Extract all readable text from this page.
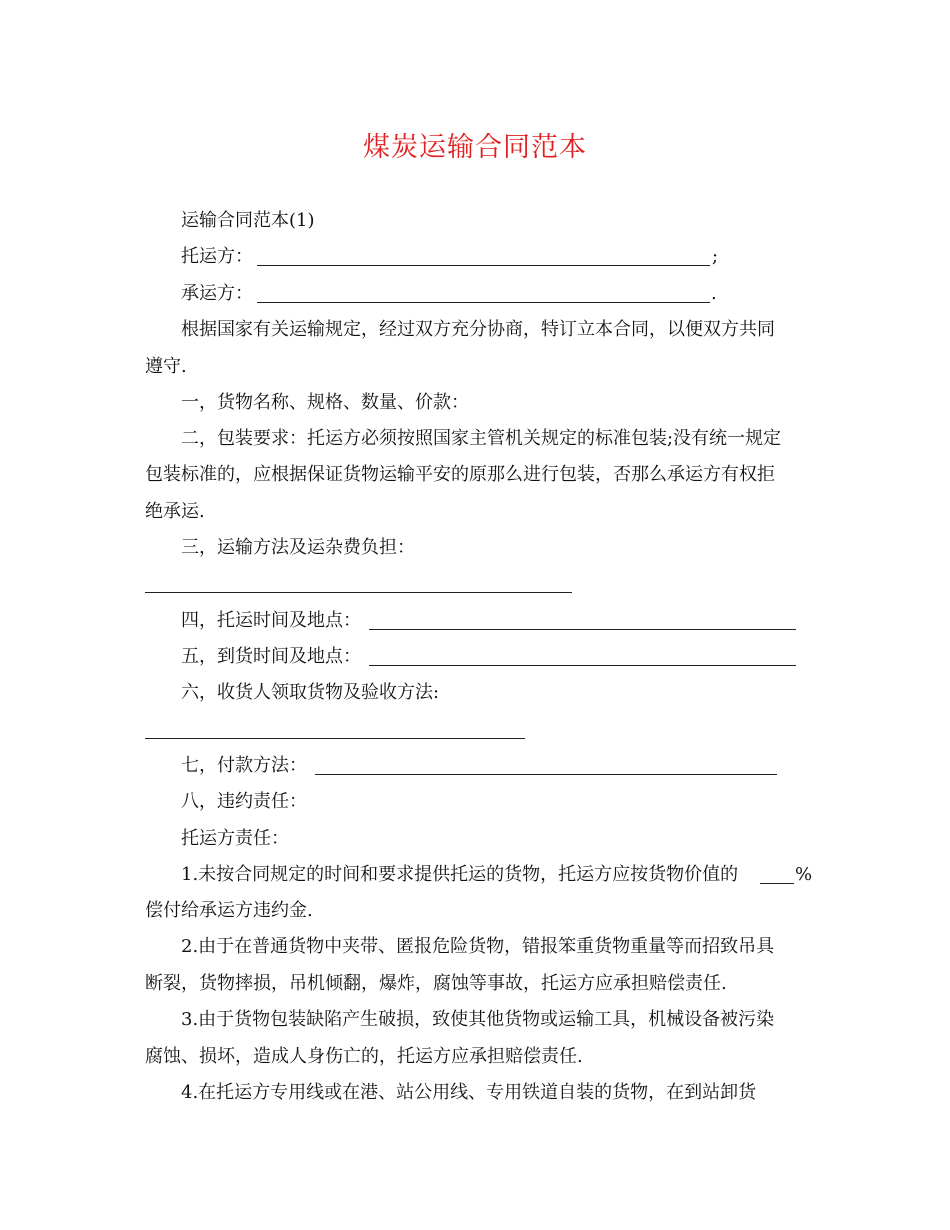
煤炭运输合同范本
运输合同范本(1)
托运方：	;
承运方：	.
根据国家有关运输规定，经过双方充分协商，特订立本合同，以便双方共同
遵守.
一，货物名称、规格、数量、价款：
二，包装要求：托运方必须按照国家主管机关规定的标准包装;没有统一规定
包装标准的，应根据保证货物运输平安的原那么进行包装，否那么承运方有权拒
绝承运.
三，运输方法及运杂费负担：
四，托运时间及地点：
五，到货时间及地点：
六，收货人领取货物及验收方法:
七，付款方法：
八，违约责任：
托运方责任：
1.未按合同规定的时间和要求提供托运的货物，托运方应按货物价值的	%
偿付给承运方违约金.
2.由于在普通货物中夹带、匿报危险货物，错报笨重货物重量等而招致吊具
断裂，货物摔损，吊机倾翻，爆炸，腐蚀等事故，托运方应承担赔偿责任.
3.由于货物包装缺陷产生破损，致使其他货物或运输工具，机械设备被污染
腐蚀、损坏，造成人身伤亡的，托运方应承担赔偿责任.
4.在托运方专用线或在港、站公用线、专用铁道自装的货物，在到站卸货
